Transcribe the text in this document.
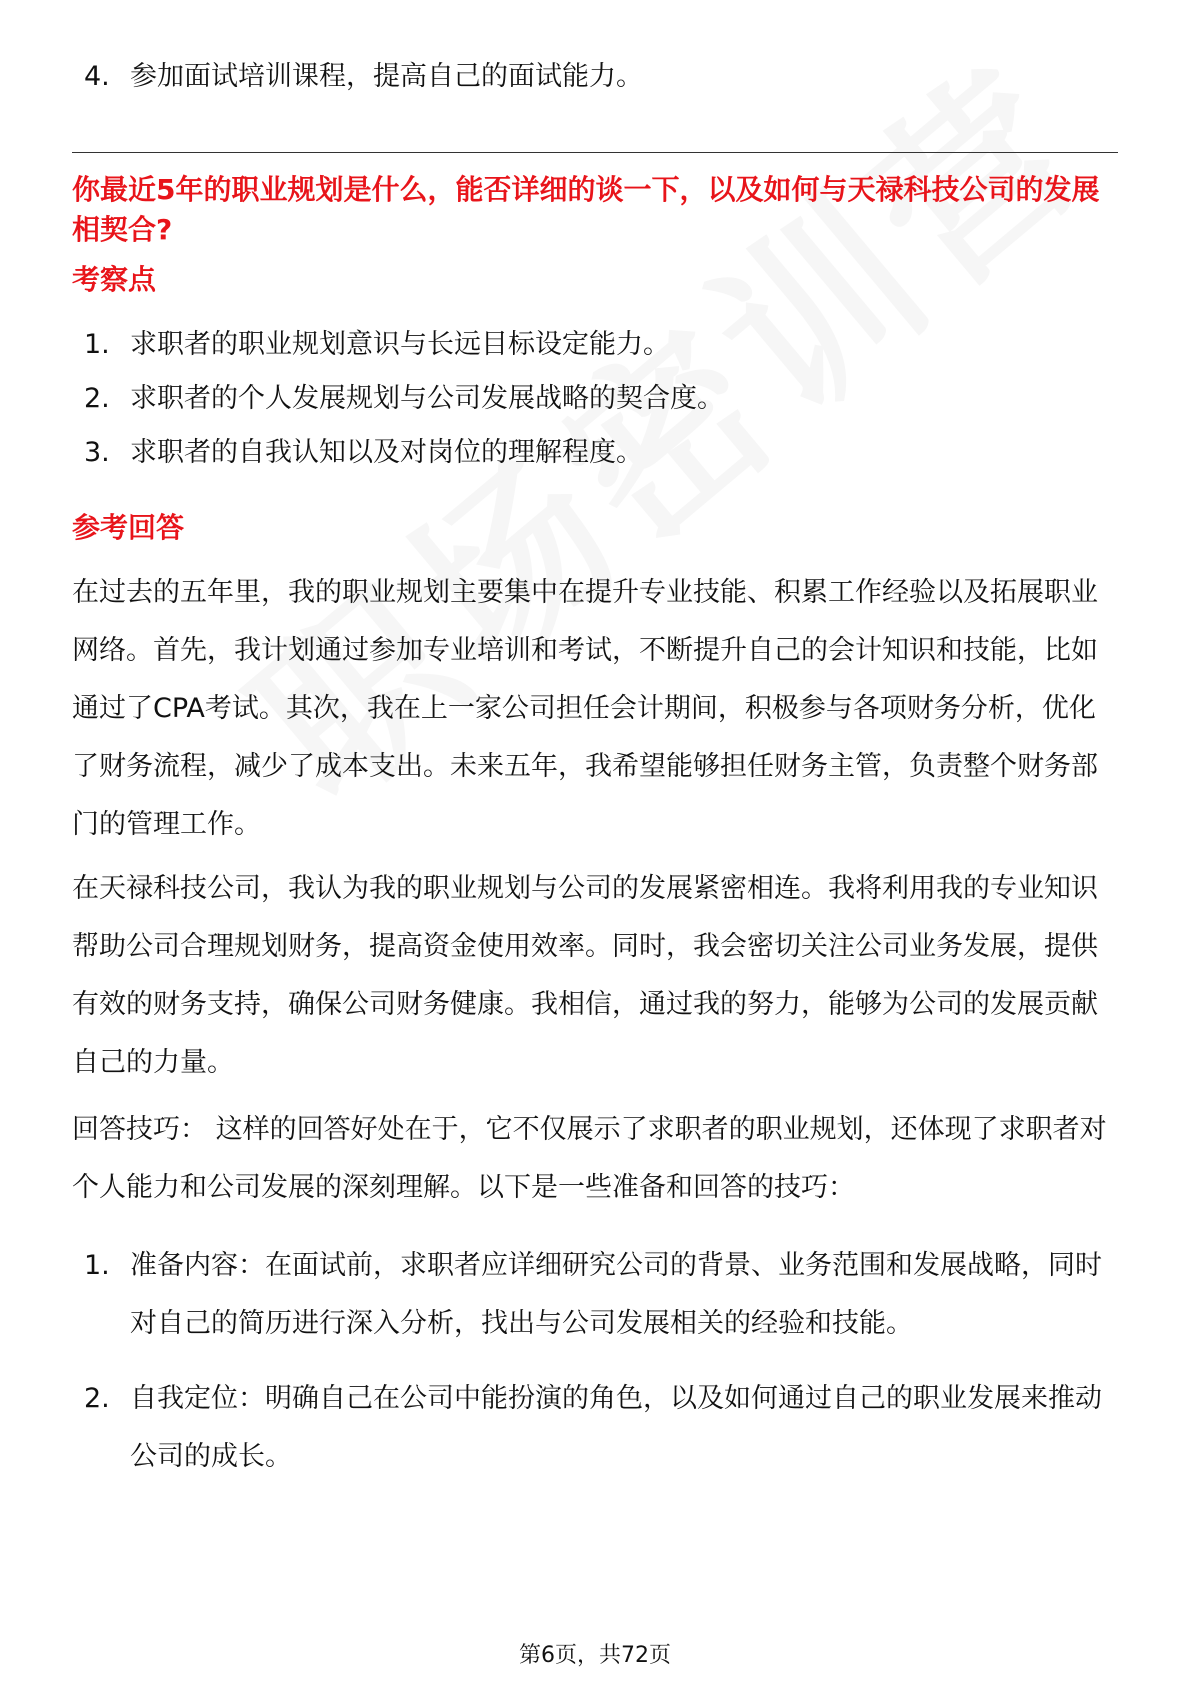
4. 参加面试培训课程，提高自己的面试能力。
你最近5年的职业规划是什么，能否详细的谈一下，以及如何与天禄科技公司的发展相契合?
考察点
1. 求职者的职业规划意识与长远目标设定能力。
2. 求职者的个人发展规划与公司发展战略的契合度。
3. 求职者的自我认知以及对岗位的理解程度。
参考回答
在过去的五年里，我的职业规划主要集中在提升专业技能、积累工作经验以及拓展职业网络。首先，我计划通过参加专业培训和考试，不断提升自己的会计知识和技能，比如通过了CPA考试。其次，我在上一家公司担任会计期间，积极参与各项财务分析，优化了财务流程，减少了成本支出。未来五年，我希望能够担任财务主管，负责整个财务部门的管理工作。
在天禄科技公司，我认为我的职业规划与公司的发展紧密相连。我将利用我的专业知识帮助公司合理规划财务，提高资金使用效率。同时，我会密切关注公司业务发展，提供有效的财务支持，确保公司财务健康。我相信，通过我的努力，能够为公司的发展贡献自己的力量。
回答技巧： 这样的回答好处在于，它不仅展示了求职者的职业规划，还体现了求职者对个人能力和公司发展的深刻理解。以下是一些准备和回答的技巧：
1. 准备内容：在面试前，求职者应详细研究公司的背景、业务范围和发展战略，同时对自己的简历进行深入分析，找出与公司发展相关的经验和技能。
2. 自我定位：明确自己在公司中能扮演的角色，以及如何通过自己的职业发展来推动公司的成长。
第6页，共72页
